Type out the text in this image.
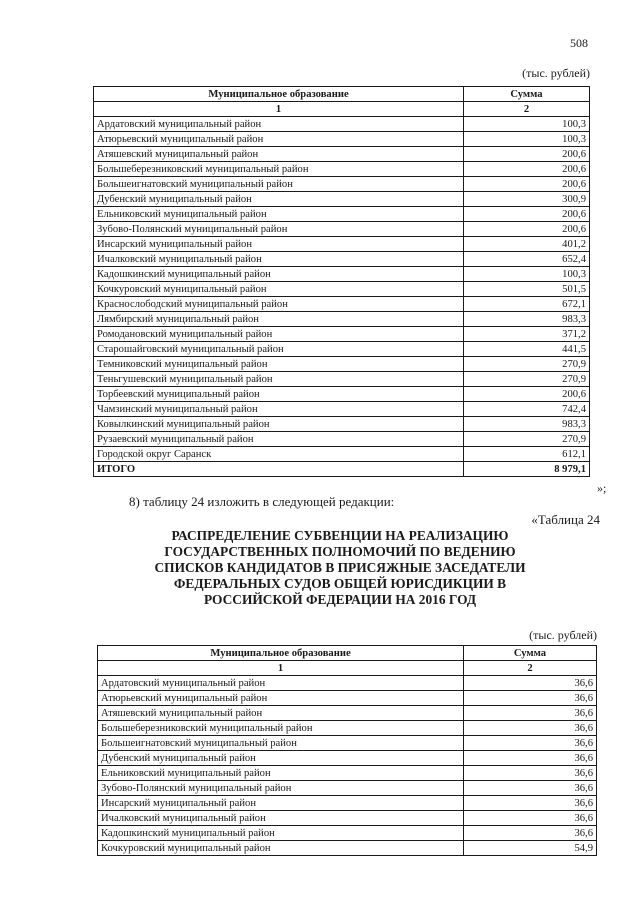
508
(тыс. рублей)
Муниципальное образование	Сумма
1	2
Ардатовский муниципальный район	100,3
Атюрьевский муниципальный район	100,3
Атяшевский муниципальный район	200,6
Большеберезниковский муниципальный район	200,6
Большеигнатовский муниципальный район	200,6
Дубенский муниципальный район	300,9
Ельниковский муниципальный район	200,6
Зубово-Полянский муниципальный район	200,6
Инсарский муниципальный район	401,2
Ичалковский муниципальный район	652,4
Кадошкинский муниципальный район	100,3
Кочкуровский муниципальный район	501,5
Краснослободский муниципальный район	672,1
Лямбирский муниципальный район	983,3
Ромодановский муниципальный район	371,2
Старошайговский муниципальный район	441,5
Темниковский муниципальный район	270,9
Теньгушевский муниципальный район	270,9
Торбеевский муниципальный район	200,6
Чамзинский муниципальный район	742,4
Ковылкинский муниципальный район	983,3
Рузаевский муниципальный район	270,9
Городской округ Саранск	612,1
ИТОГО	8 979,1
»;
8) таблицу 24 изложить в следующей редакции:
«Таблица 24
РАСПРЕДЕЛЕНИЕ СУБВЕНЦИИ НА РЕАЛИЗАЦИЮ ГОСУДАРСТВЕННЫХ ПОЛНОМОЧИЙ ПО ВЕДЕНИЮ СПИСКОВ КАНДИДАТОВ В ПРИСЯЖНЫЕ ЗАСЕДАТЕЛИ ФЕДЕРАЛЬНЫХ СУДОВ ОБЩЕЙ ЮРИСДИКЦИИ В РОССИЙСКОЙ ФЕДЕРАЦИИ НА 2016 ГОД
(тыс. рублей)
Муниципальное образование	Сумма
1	2
Ардатовский муниципальный район	36,6
Атюрьевский муниципальный район	36,6
Атяшевский муниципальный район	36,6
Большеберезниковский муниципальный район	36,6
Большеигнатовский муниципальный район	36,6
Дубенский муниципальный район	36,6
Ельниковский муниципальный район	36,6
Зубово-Полянский муниципальный район	36,6
Инсарский муниципальный район	36,6
Ичалковский муниципальный район	36,6
Кадошкинский муниципальный район	36,6
Кочкуровский муниципальный район	54,9
